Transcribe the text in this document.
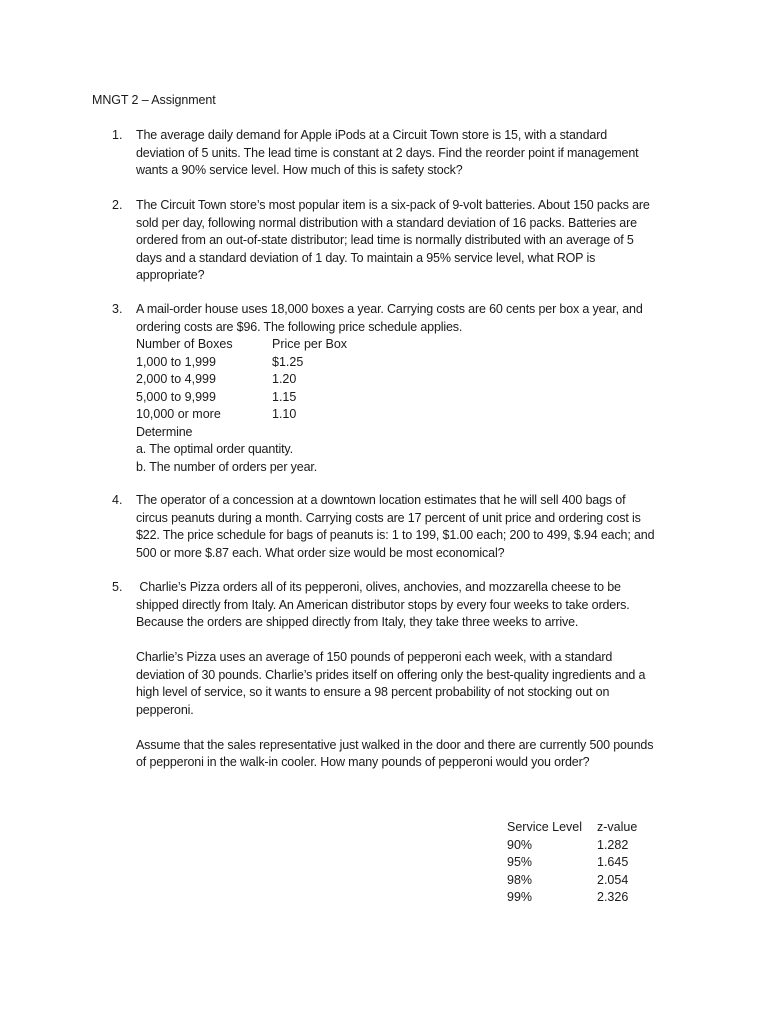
MNGT 2 – Assignment
1. The average daily demand for Apple iPods at a Circuit Town store is 15, with a standard
deviation of 5 units. The lead time is constant at 2 days. Find the reorder point if management
wants a 90% service level. How much of this is safety stock?
2. The Circuit Town store’s most popular item is a six-pack of 9-volt batteries. About 150 packs are
sold per day, following normal distribution with a standard deviation of 16 packs. Batteries are
ordered from an out-of-state distributor; lead time is normally distributed with an average of 5
days and a standard deviation of 1 day. To maintain a 95% service level, what ROP is
appropriate?
3. A mail-order house uses 18,000 boxes a year. Carrying costs are 60 cents per box a year, and
ordering costs are $96. The following price schedule applies.
Number of Boxes	Price per Box
1,000 to 1,999	$1.25
2,000 to 4,999	1.20
5,000 to 9,999	1.15
10,000 or more	1.10
Determine
a. The optimal order quantity.
b. The number of orders per year.
4. The operator of a concession at a downtown location estimates that he will sell 400 bags of
circus peanuts during a month. Carrying costs are 17 percent of unit price and ordering cost is
$22. The price schedule for bags of peanuts is: 1 to 199, $1.00 each; 200 to 499, $.94 each; and
500 or more $.87 each. What order size would be most economical?
5. Charlie’s Pizza orders all of its pepperoni, olives, anchovies, and mozzarella cheese to be
shipped directly from Italy. An American distributor stops by every four weeks to take orders.
Because the orders are shipped directly from Italy, they take three weeks to arrive.
Charlie’s Pizza uses an average of 150 pounds of pepperoni each week, with a standard
deviation of 30 pounds. Charlie’s prides itself on offering only the best-quality ingredients and a
high level of service, so it wants to ensure a 98 percent probability of not stocking out on
pepperoni.
Assume that the sales representative just walked in the door and there are currently 500 pounds
of pepperoni in the walk-in cooler. How many pounds of pepperoni would you order?
Service Level z-value
90%	1.282
95%	1.645
98%	2.054
99%	2.326
